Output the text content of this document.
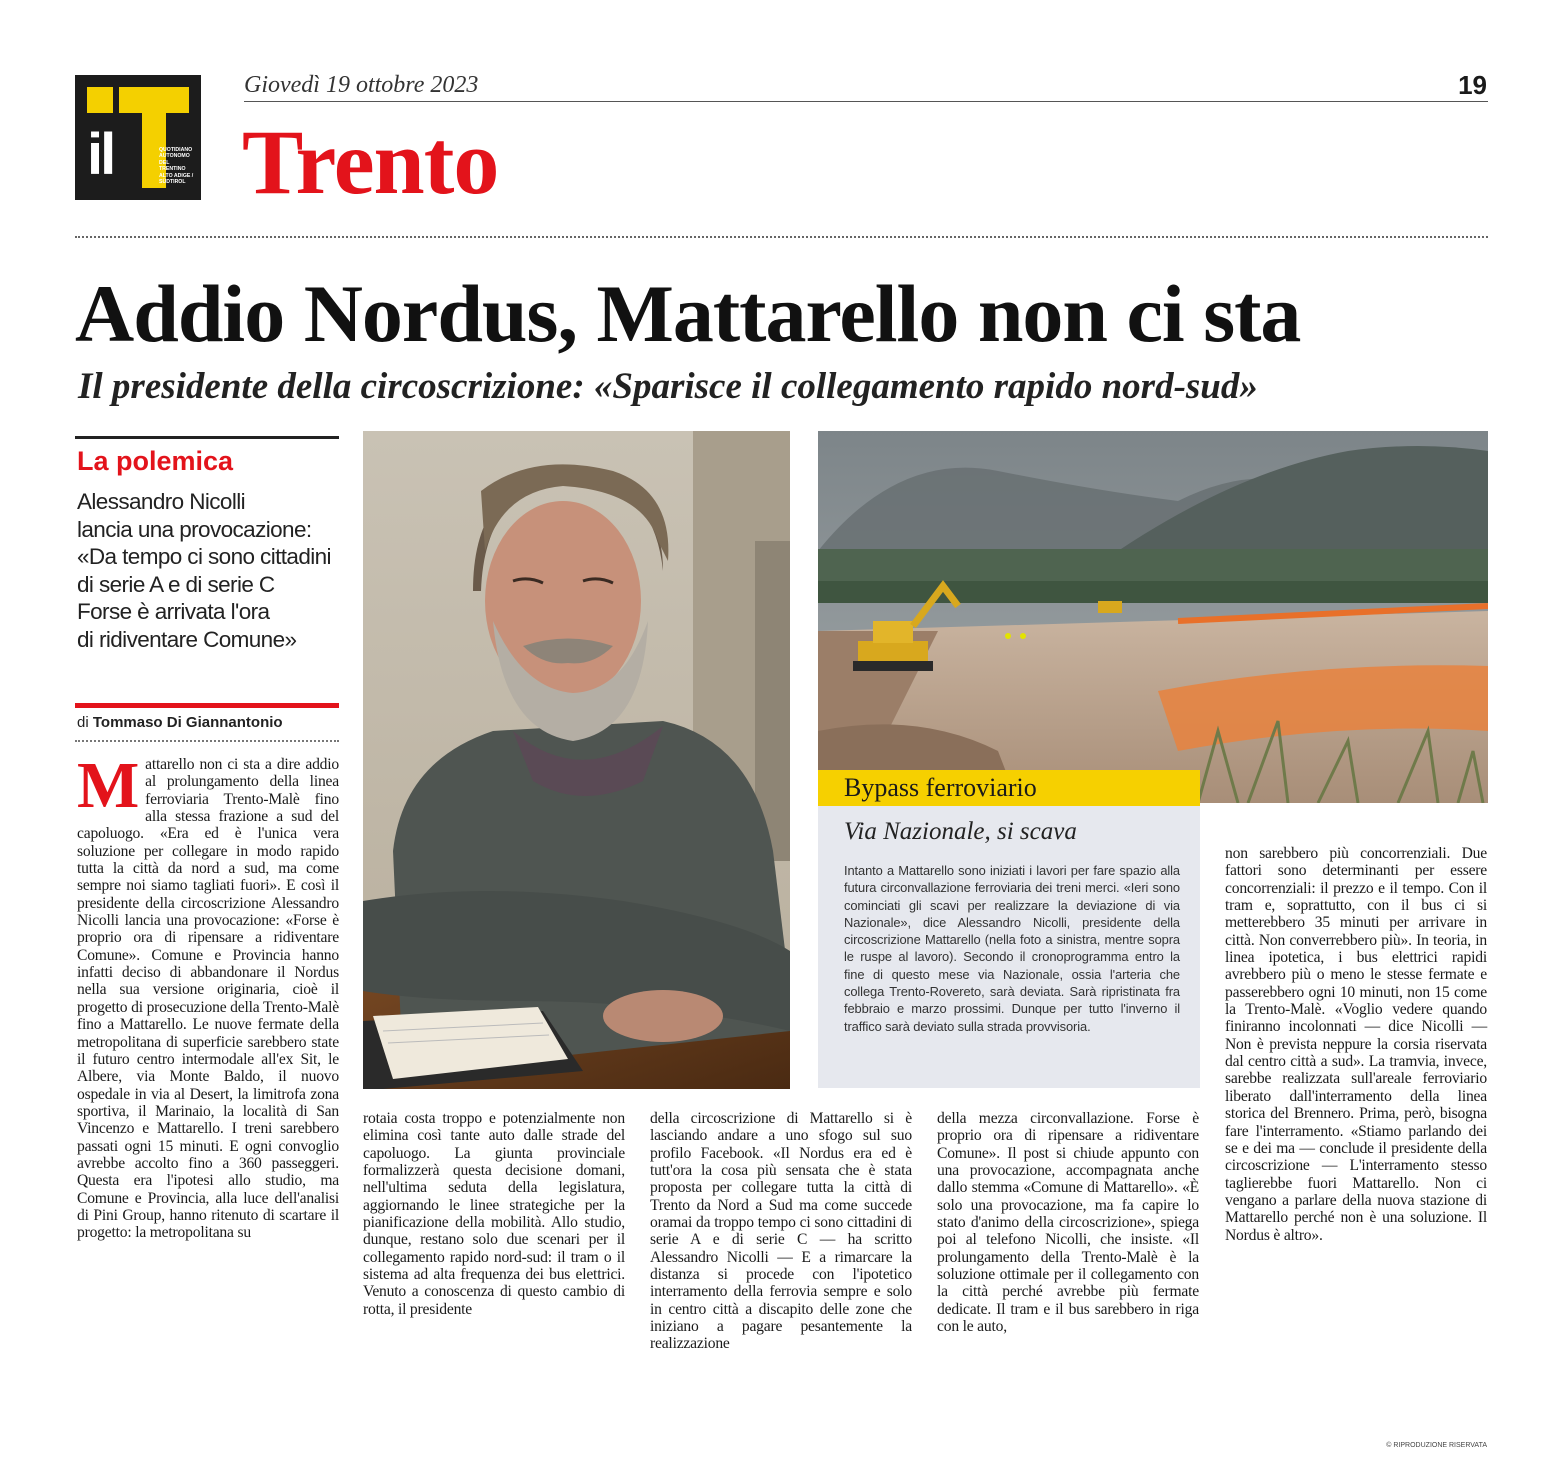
il	QUOTIDIANO
AUTONOMO
DEL TRENTINO
ALTO ADIGE /
SÜDTIROL
Giovedì 19 ottobre 2023	19
Trento
Addio Nordus, Mattarello non ci sta
Il presidente della circoscrizione: «Sparisce il collegamento rapido nord-sud»
La polemica
Alessandro Nicolli
lancia una provocazione:
«Da tempo ci sono cittadini
di serie A e di serie C
Forse è arrivata l'ora
di ridiventare Comune»
di Tommaso Di Giannantonio
Mattarello non ci sta a dire addio al prolungamento della linea ferroviaria Trento-Malè fino alla stessa frazione a sud del capoluogo. «Era ed è l'unica vera soluzione per collegare in modo rapido tutta la città da nord a sud, ma come sempre noi siamo tagliati fuori». E così il presidente della circoscrizione Alessandro Nicolli lancia una provocazione: «Forse è proprio ora di ripensare a ridiventare Comune». Comune e Provincia hanno infatti deciso di abbandonare il Nordus nella sua versione originaria, cioè il progetto di prosecuzione della Trento-Malè fino a Mattarello. Le nuove fermate della metropolitana di superficie sarebbero state il futuro centro intermodale all'ex Sit, le Albere, via Monte Baldo, il nuovo ospedale in via al Desert, la limitrofa zona sportiva, il Marinaio, la località di San Vincenzo e Mattarello. I treni sarebbero passati ogni 15 minuti. E ogni convoglio avrebbe accolto fino a 360 passeggeri. Questa era l'ipotesi allo studio, ma Comune e Provincia, alla luce dell'analisi di Pini Group, hanno ritenuto di scartare il progetto: la metropolitana su
rotaia costa troppo e potenzialmente non elimina così tante auto dalle strade del capoluogo. La giunta provinciale formalizzerà questa decisione domani, nell'ultima seduta della legislatura, aggiornando le linee strategiche per la pianificazione della mobilità. Allo studio, dunque, restano solo due scenari per il collegamento rapido nord-sud: il tram o il sistema ad alta frequenza dei bus elettrici. Venuto a conoscenza di questo cambio di rotta, il presidente
della circoscrizione di Mattarello si è lasciando andare a uno sfogo sul suo profilo Facebook. «Il Nordus era ed è tutt'ora la cosa più sensata che è stata proposta per collegare tutta la città di Trento da Nord a Sud ma come succede oramai da troppo tempo ci sono cittadini di serie A e di serie C — ha scritto Alessandro Nicolli — E a rimarcare la distanza si procede con l'ipotetico interramento della ferrovia sempre e solo in centro città a discapito delle zone che iniziano a pagare pesantemente la realizzazione
della mezza circonvallazione. Forse è proprio ora di ripensare a ridiventare Comune». Il post si chiude appunto con una provocazione, accompagnata anche dallo stemma «Comune di Mattarello». «È solo una provocazione, ma fa capire lo stato d'animo della circoscrizione», spiega poi al telefono Nicolli, che insiste. «Il prolungamento della Trento-Malè è la soluzione ottimale per il collegamento con la città perché avrebbe più fermate dedicate. Il tram e il bus sarebbero in riga con le auto,
non sarebbero più concorrenziali. Due fattori sono determinanti per essere concorrenziali: il prezzo e il tempo. Con il tram e, soprattutto, con il bus ci si metterebbero 35 minuti per arrivare in città. Non converrebbero più». In teoria, in linea ipotetica, i bus elettrici rapidi avrebbero più o meno le stesse fermate e passerebbero ogni 10 minuti, non 15 come la Trento-Malè. «Voglio vedere quando finiranno incolonnati — dice Nicolli — Non è prevista neppure la corsia riservata dal centro città a sud». La tramvia, invece, sarebbe realizzata sull'areale ferroviario liberato dall'interramento della linea storica del Brennero. Prima, però, bisogna fare l'interramento. «Stiamo parlando dei se e dei ma — conclude il presidente della circoscrizione — L'interramento stesso taglierebbe fuori Mattarello. Non ci vengano a parlare della nuova stazione di Mattarello perché non è una soluzione. Il Nordus è altro».
© RIPRODUZIONE RISERVATA
Bypass ferroviario
Via Nazionale, si scava
Intanto a Mattarello sono iniziati i lavori per fare spazio alla futura circonvallazione ferroviaria dei treni merci. «Ieri sono cominciati gli scavi per realizzare la deviazione di via Nazionale», dice Alessandro Nicolli, presidente della circoscrizione Mattarello (nella foto a sinistra, mentre sopra le ruspe al lavoro). Secondo il cronoprogramma entro la fine di questo mese via Nazionale, ossia l'arteria che collega Trento-Rovereto, sarà deviata. Sarà ripristinata fra febbraio e marzo prossimi. Dunque per tutto l'inverno il traffico sarà deviato sulla strada provvisoria.
